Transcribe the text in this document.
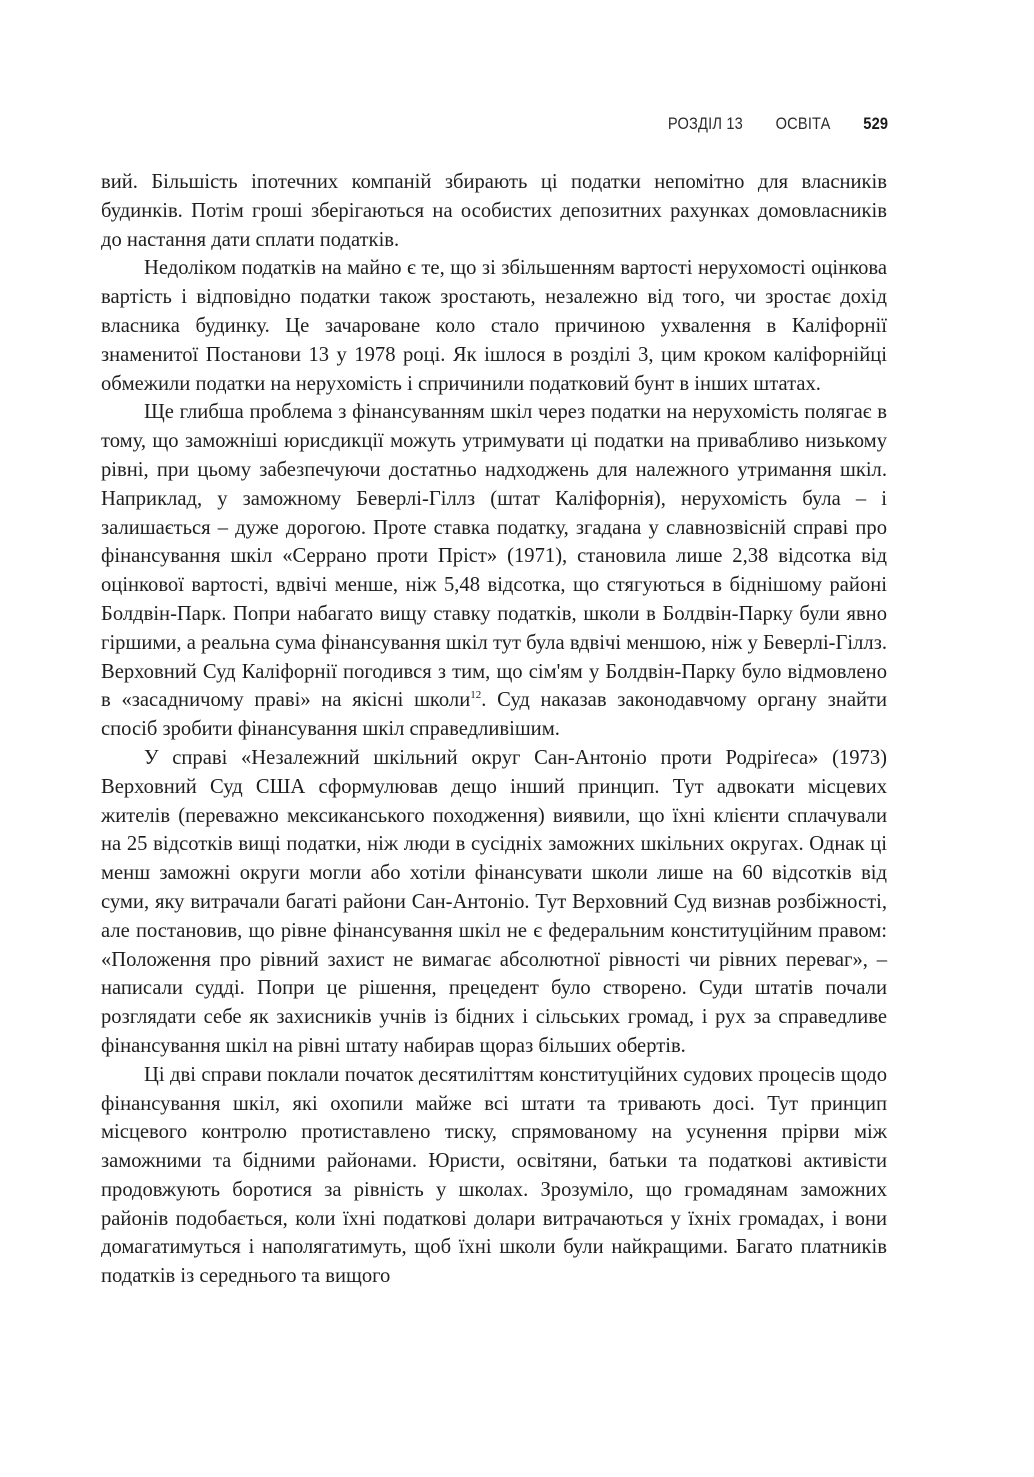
РОЗДІЛ 13 ОСВІТА 529

вий. Більшість іпотечних компаній збирають ці податки непомітно для власників будинків. Потім гроші зберігаються на особистих депозитних рахунках домовласників до настання дати сплати податків.

Недоліком податків на майно є те, що зі збільшенням вартості нерухомості оцінкова вартість і відповідно податки також зростають, незалежно від того, чи зростає дохід власника будинку. Це зачароване коло стало причиною ухвалення в Каліфорнії знаменитої Постанови 13 у 1978 році. Як ішлося в розділі 3, цим кроком каліфорнійці обмежили податки на нерухомість і спричинили податковий бунт в інших штатах.

Ще глибша проблема з фінансуванням шкіл через податки на нерухомість полягає в тому, що заможніші юрисдикції можуть утримувати ці податки на привабливо низькому рівні, при цьому забезпечуючи достатньо надходжень для належного утримання шкіл. Наприклад, у заможному Беверлі-Гіллз (штат Каліфорнія), нерухомість була – і залишається – дуже дорогою. Проте ставка податку, згадана у славнозвісній справі про фінансування шкіл «Серрано проти Пріст» (1971), становила лише 2,38 відсотка від оцінкової вартості, вдвічі менше, ніж 5,48 відсотка, що стягуються в біднішому районі Болдвін-Парк. Попри набагато вищу ставку податків, школи в Болдвін-Парку були явно гіршими, а реальна сума фінансування шкіл тут була вдвічі меншою, ніж у Беверлі-Гіллз. Верховний Суд Каліфорнії погодився з тим, що сім'ям у Болдвін-Парку було відмовлено в «засадничому праві» на якісні школи$^{12}$. Суд наказав законодавчому органу знайти спосіб зробити фінансування шкіл справедливішим.

У справі «Незалежний шкільний округ Сан-Антоніо проти Родріґеса» (1973) Верховний Суд США сформулював дещо інший принцип. Тут адвокати місцевих жителів (переважно мексиканського походження) виявили, що їхні клієнти сплачували на 25 відсотків вищі податки, ніж люди в сусідніх заможних шкільних округах. Однак ці менш заможні округи могли або хотіли фінансувати школи лише на 60 відсотків від суми, яку витрачали багаті райони Сан-Антоніо. Тут Верховний Суд визнав розбіжності, але постановив, що рівне фінансування шкіл не є федеральним конституційним правом: «Положення про рівний захист не вимагає абсолютної рівності чи рівних переваг», – написали судді. Попри це рішення, прецедент було створено. Суди штатів почали розглядати себе як захисників учнів із бідних і сільських громад, і рух за справедливе фінансування шкіл на рівні штату набирав щораз більших обертів.

Ці дві справи поклали початок десятиліттям конституційних судових процесів щодо фінансування шкіл, які охопили майже всі штати та тривають досі. Тут принцип місцевого контролю протиставлено тиску, спрямованому на усунення прірви між заможними та бідними районами. Юристи, освітяни, батьки та податкові активісти продовжують боротися за рівність у школах. Зрозуміло, що громадянам заможних районів подобається, коли їхні податкові долари витрачаються у їхніх громадах, і вони домагатимуться і наполягатимуть, щоб їхні школи були найкращими. Багато платників податків із середнього та вищого
